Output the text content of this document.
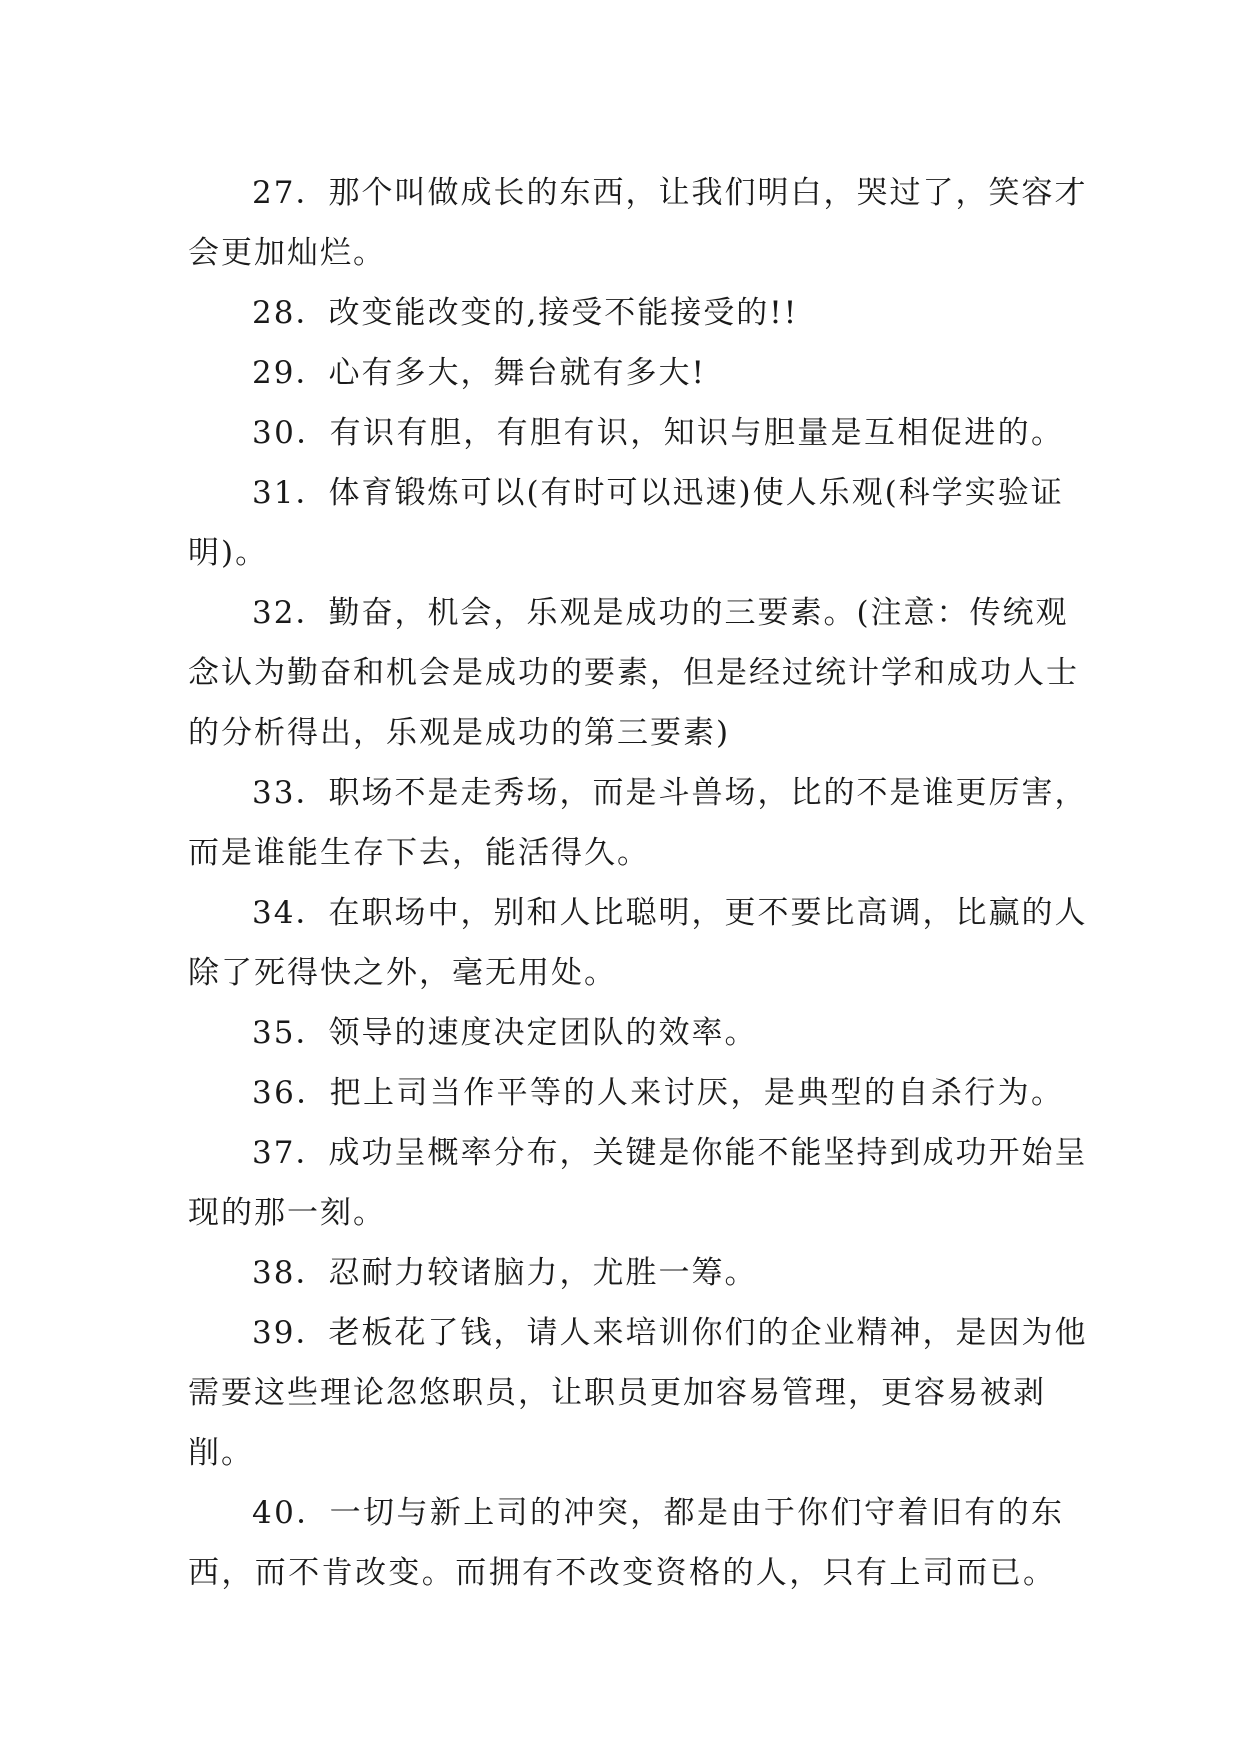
27．那个叫做成长的东西，让我们明白，哭过了，笑容才会更加灿烂。

28．改变能改变的,接受不能接受的!!

29．心有多大，舞台就有多大!

30．有识有胆，有胆有识，知识与胆量是互相促进的。

31．体育锻炼可以(有时可以迅速)使人乐观(科学实验证明)。

32．勤奋，机会，乐观是成功的三要素。(注意：传统观念认为勤奋和机会是成功的要素，但是经过统计学和成功人士的分析得出，乐观是成功的第三要素)

33．职场不是走秀场，而是斗兽场，比的不是谁更厉害，而是谁能生存下去，能活得久。

34．在职场中，别和人比聪明，更不要比高调，比赢的人除了死得快之外，毫无用处。

35．领导的速度决定团队的效率。

36．把上司当作平等的人来讨厌，是典型的自杀行为。

37．成功呈概率分布，关键是你能不能坚持到成功开始呈现的那一刻。

38．忍耐力较诸脑力，尤胜一筹。

39．老板花了钱，请人来培训你们的企业精神，是因为他需要这些理论忽悠职员，让职员更加容易管理，更容易被剥削。

40．一切与新上司的冲突，都是由于你们守着旧有的东西，而不肯改变。而拥有不改变资格的人，只有上司而已。
